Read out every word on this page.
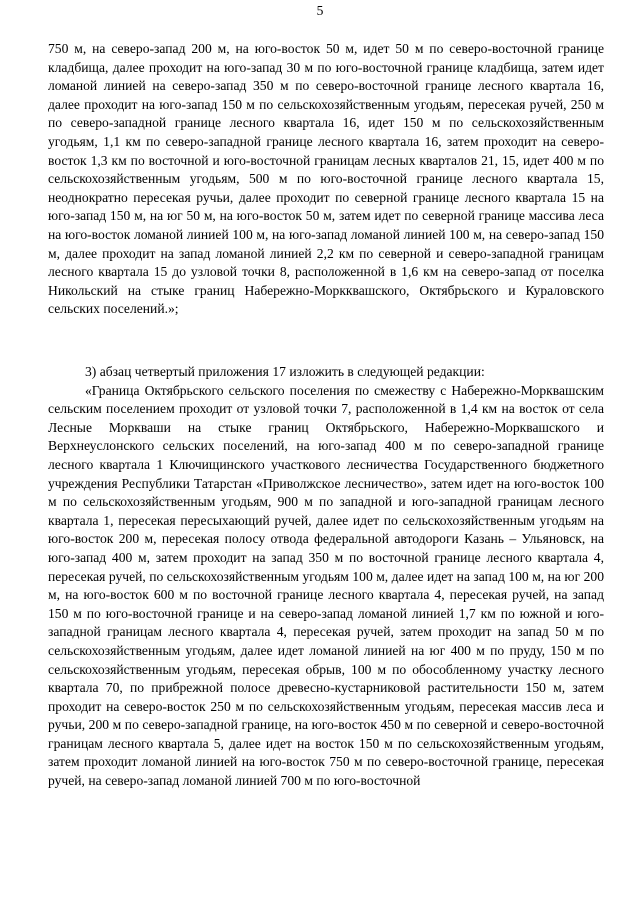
5

750 м, на северо-запад 200 м, на юго-восток 50 м, идет 50 м по северо-восточной границе кладбища, далее проходит на юго-запад 30 м по юго-восточной границе кладбища, затем идет ломаной линией на северо-запад 350 м по северо-восточной границе лесного квартала 16, далее проходит на юго-запад 150 м по сельскохозяйственным угодьям, пересекая ручей, 250 м по северо-западной границе лесного квартала 16, идет 150 м по сельскохозяйственным угодьям, 1,1 км по северо-западной границе лесного квартала 16, затем проходит на северо-восток 1,3 км по восточной и юго-восточной границам лесных кварталов 21, 15, идет 400 м по сельскохозяйственным угодьям, 500 м по юго-восточной границе лесного квартала 15, неоднократно пересекая ручьи, далее проходит по северной границе лесного квартала 15 на юго-запад 150 м, на юг 50 м, на юго-восток 50 м, затем идет по северной границе массива леса на юго-восток ломаной линией 100 м, на юго-запад ломаной линией 100 м, на северо-запад 150 м, далее проходит на запад ломаной линией 2,2 км по северной и северо-западной границам лесного квартала 15 до узловой точки 8, расположенной в 1,6 км на северо-запад от поселка Никольский на стыке границ Набережно-Моркквашского, Октябрьского и Кураловского сельских поселений.»;

3) абзац четвертый приложения 17 изложить в следующей редакции:

«Граница Октябрьского сельского поселения по смежеству с Набережно-Морквашским сельским поселением проходит от узловой точки 7, расположенной в 1,4 км на восток от села Лесные Моркваши на стыке границ Октябрьского, Набережно-Морквашского и Верхнеуслонского сельских поселений, на юго-запад 400 м по северо-западной границе лесного квартала 1 Ключищинского участкового лесничества Государственного бюджетного учреждения Республики Татарстан «Приволжское лесничество», затем идет на юго-восток 100 м по сельскохозяйственным угодьям, 900 м по западной и юго-западной границам лесного квартала 1, пересекая пересыхающий ручей, далее идет по сельскохозяйственным угодьям на юго-восток 200 м, пересекая полосу отвода федеральной автодороги Казань – Ульяновск, на юго-запад 400 м, затем проходит на запад 350 м по восточной границе лесного квартала 4, пересекая ручей, по сельскохозяйственным угодьям 100 м, далее идет на запад 100 м, на юг 200 м, на юго-восток 600 м по восточной границе лесного квартала 4, пересекая ручей, на запад 150 м по юго-восточной границе и на северо-запад ломаной линией 1,7 км по южной и юго-западной границам лесного квартала 4, пересекая ручей, затем проходит на запад 50 м по сельскохозяйственным угодьям, далее идет ломаной линией на юг 400 м по пруду, 150 м по сельскохозяйственным угодьям, пересекая обрыв, 100 м по обособленному участку лесного квартала 70, по прибрежной полосе древесно-кустарниковой растительности 150 м, затем проходит на северо-восток 250 м по сельскохозяйственным угодьям, пересекая массив леса и ручьи, 200 м по северо-западной границе, на юго-восток 450 м по северной и северо-восточной границам лесного квартала 5, далее идет на восток 150 м по сельскохозяйственным угодьям, затем проходит ломаной линией на юго-восток 750 м по северо-восточной границе, пересекая ручей, на северо-запад ломаной линией 700 м по юго-восточной
